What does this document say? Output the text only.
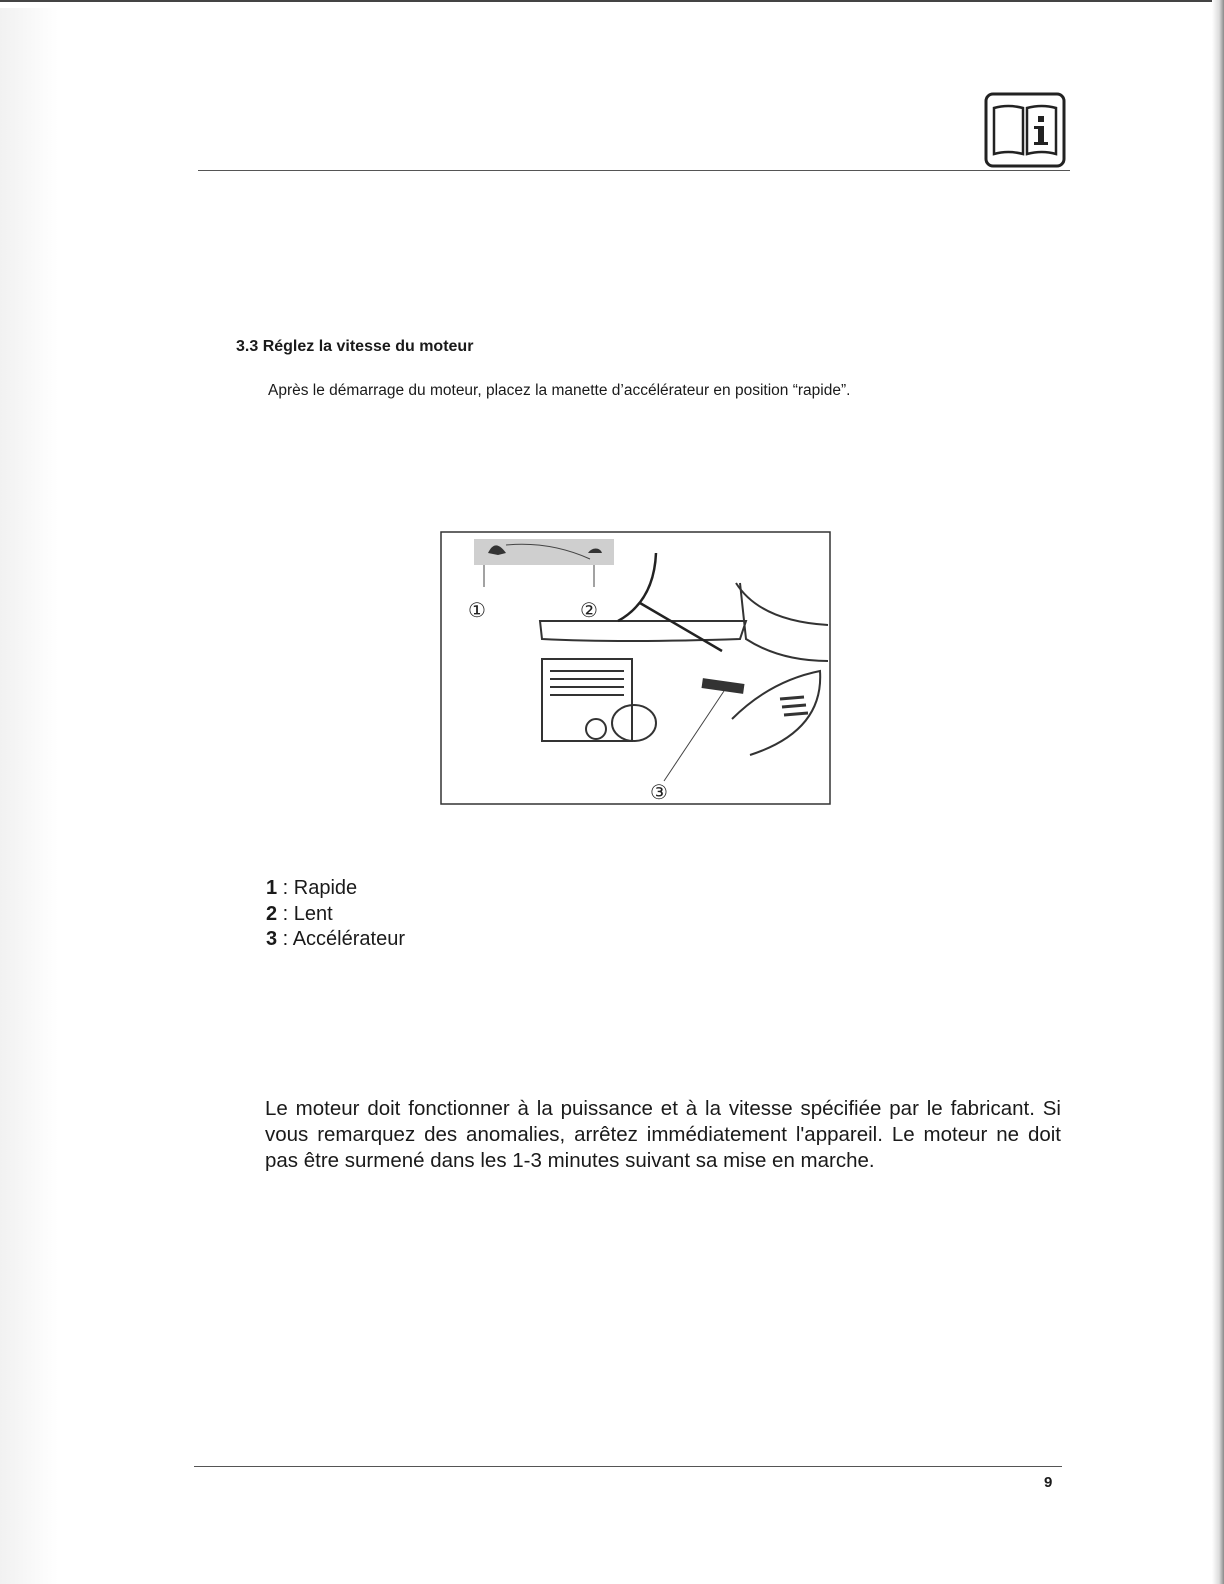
3.3 Réglez la vitesse du moteur

Après le démarrage du moteur, placez la manette d’accélérateur en position “rapide”.

①	②
③
1 : Rapide
2 : Lent
3 : Accélérateur

Le moteur doit fonctionner à la puissance et à la vitesse spécifiée par le fabricant. Si vous remarquez des anomalies, arrêtez immédiatement l'appareil. Le moteur ne doit pas être surmené dans les 1-3 minutes suivant sa mise en marche.

9
